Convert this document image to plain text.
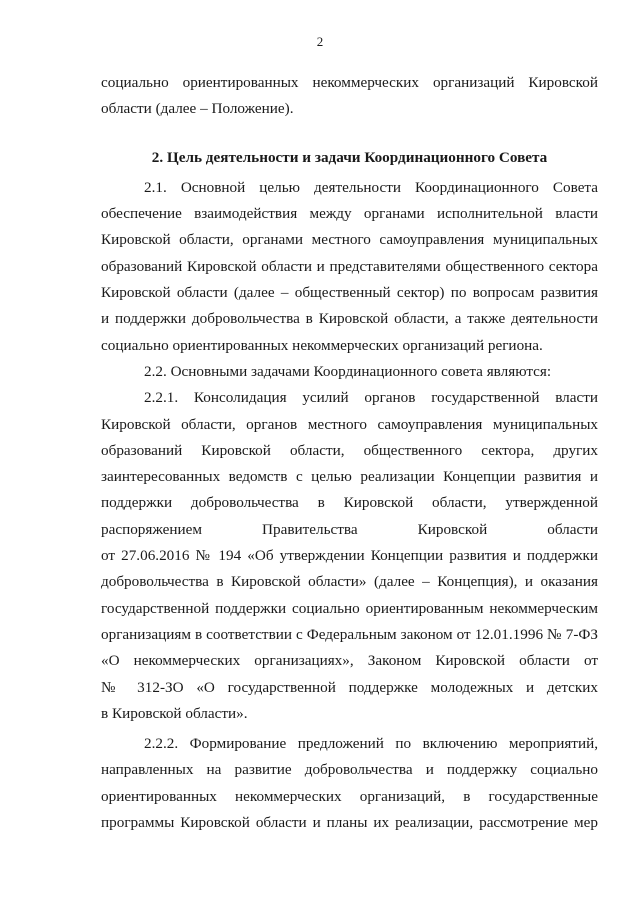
2

социально ориентированных некоммерческих организаций Кировской
области (далее – Положение).
2. Цель деятельности и задачи Координационного Совета
2.1. Основной целью деятельности Координационного Совета
обеспечение взаимодействия между органами исполнительной власти
Кировской области, органами местного самоуправления муниципальных
образований Кировской области и представителями общественного сектора
Кировской области (далее – общественный сектор) по вопросам развития
и поддержки добровольчества в Кировской области, а также деятельности
социально ориентированных некоммерческих организаций региона.
2.2. Основными задачами Координационного совета являются:
2.2.1. Консолидация усилий органов государственной власти
Кировской области, органов местного самоуправления муниципальных
образований Кировской области, общественного сектора, других
заинтересованных ведомств с целью реализации Концепции развития и
поддержки добровольчества в Кировской области, утвержденной
распоряжением Правительства Кировской области
от 27.06.2016 № 194 «Об утверждении Концепции развития и поддержки
добровольчества в Кировской области» (далее – Концепция), и оказания
государственной поддержки социально ориентированным некоммерческим
организациям в соответствии с Федеральным законом от 12.01.1996 № 7-ФЗ
«О некоммерческих организациях», Законом Кировской области от
№ 312-ЗО «О государственной поддержке молодежных и детских
в Кировской области».
2.2.2. Формирование предложений по включению мероприятий,
направленных на развитие добровольчества и поддержку социально
ориентированных некоммерческих организаций, в государственные
программы Кировской области и планы их реализации, рассмотрение мер
